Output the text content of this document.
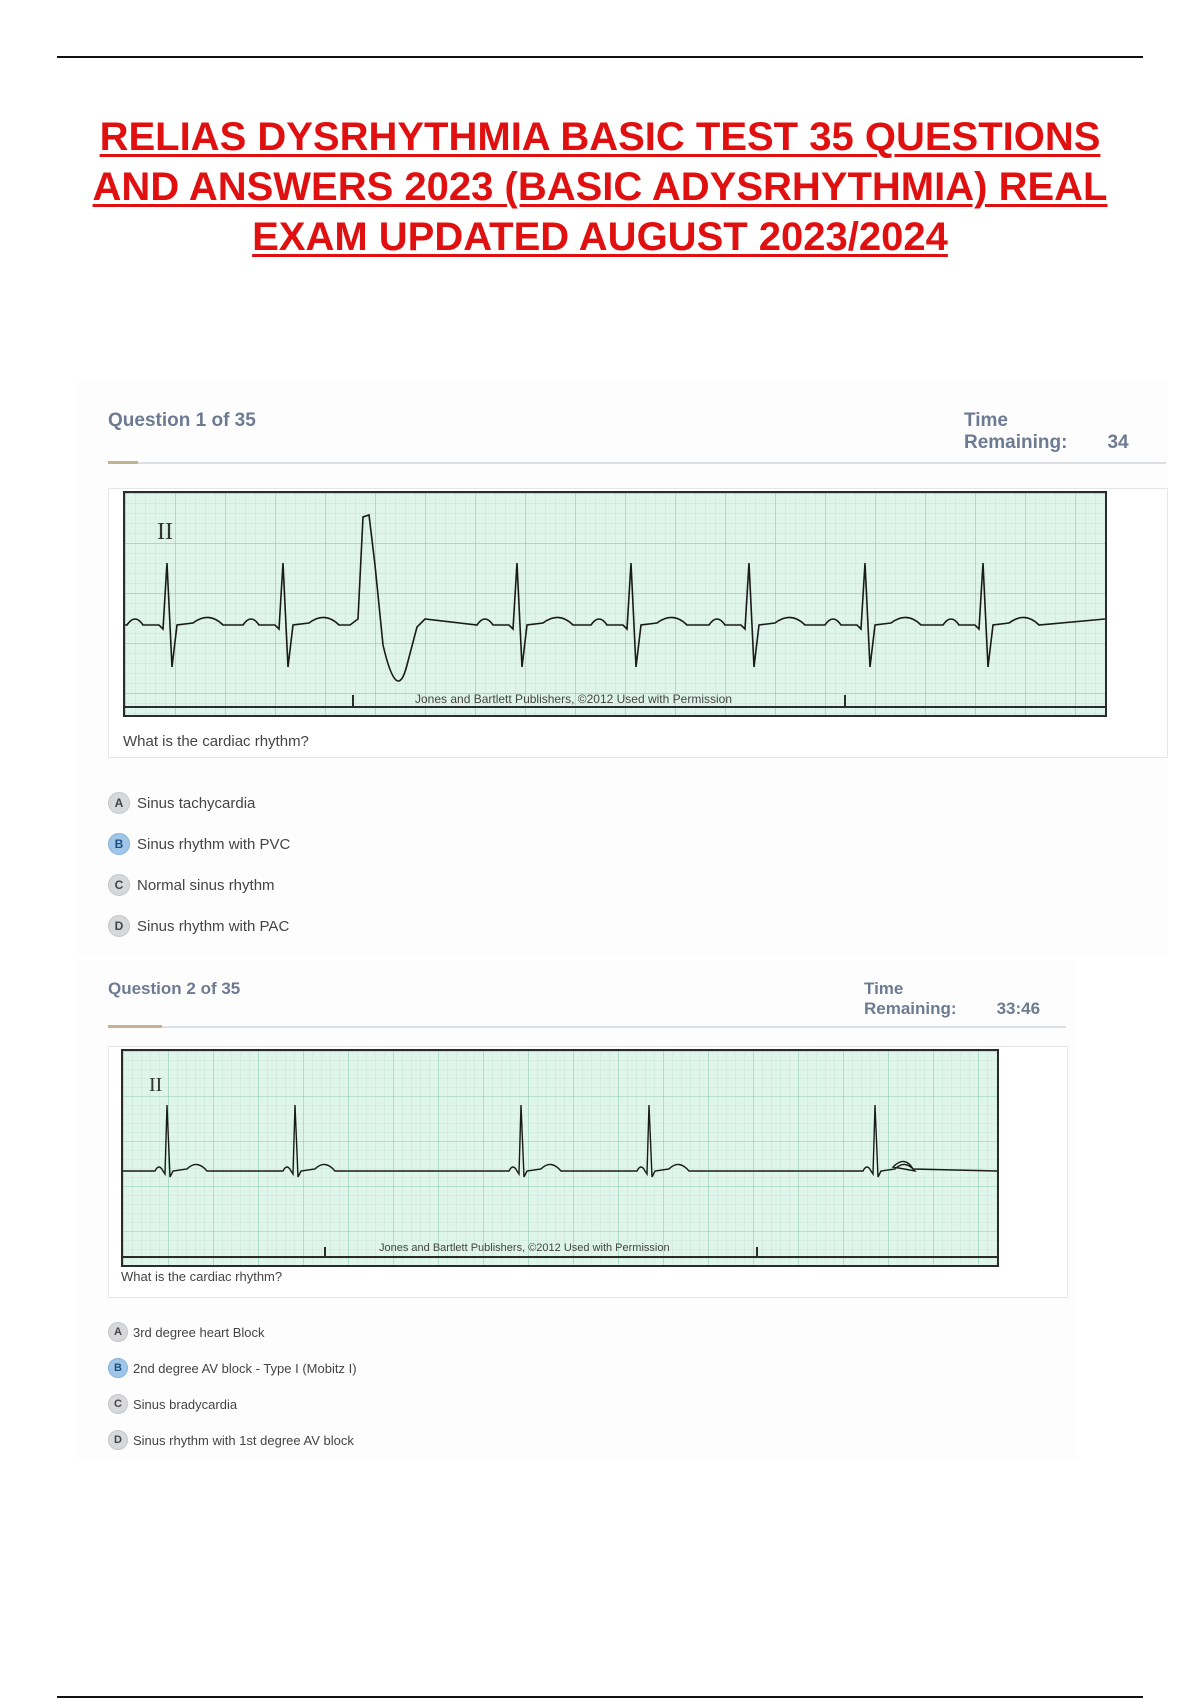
RELIAS DYSRHYTHMIA BASIC TEST 35 QUESTIONS AND ANSWERS 2023 (BASIC ADYSRHYTHMIA) REAL EXAM UPDATED AUGUST 2023/2024
Question 1 of 35	Time Remaining: 34
II
Jones and Bartlett Publishers, ©2012 Used with Permission
What is the cardiac rhythm?
A Sinus tachycardia
B Sinus rhythm with PVC
C Normal sinus rhythm
D Sinus rhythm with PAC
Question 2 of 35	Time Remaining: 33:46
II
Jones and Bartlett Publishers, ©2012 Used with Permission
What is the cardiac rhythm?
A 3rd degree heart Block
B 2nd degree AV block - Type I (Mobitz I)
C Sinus bradycardia
D Sinus rhythm with 1st degree AV block
